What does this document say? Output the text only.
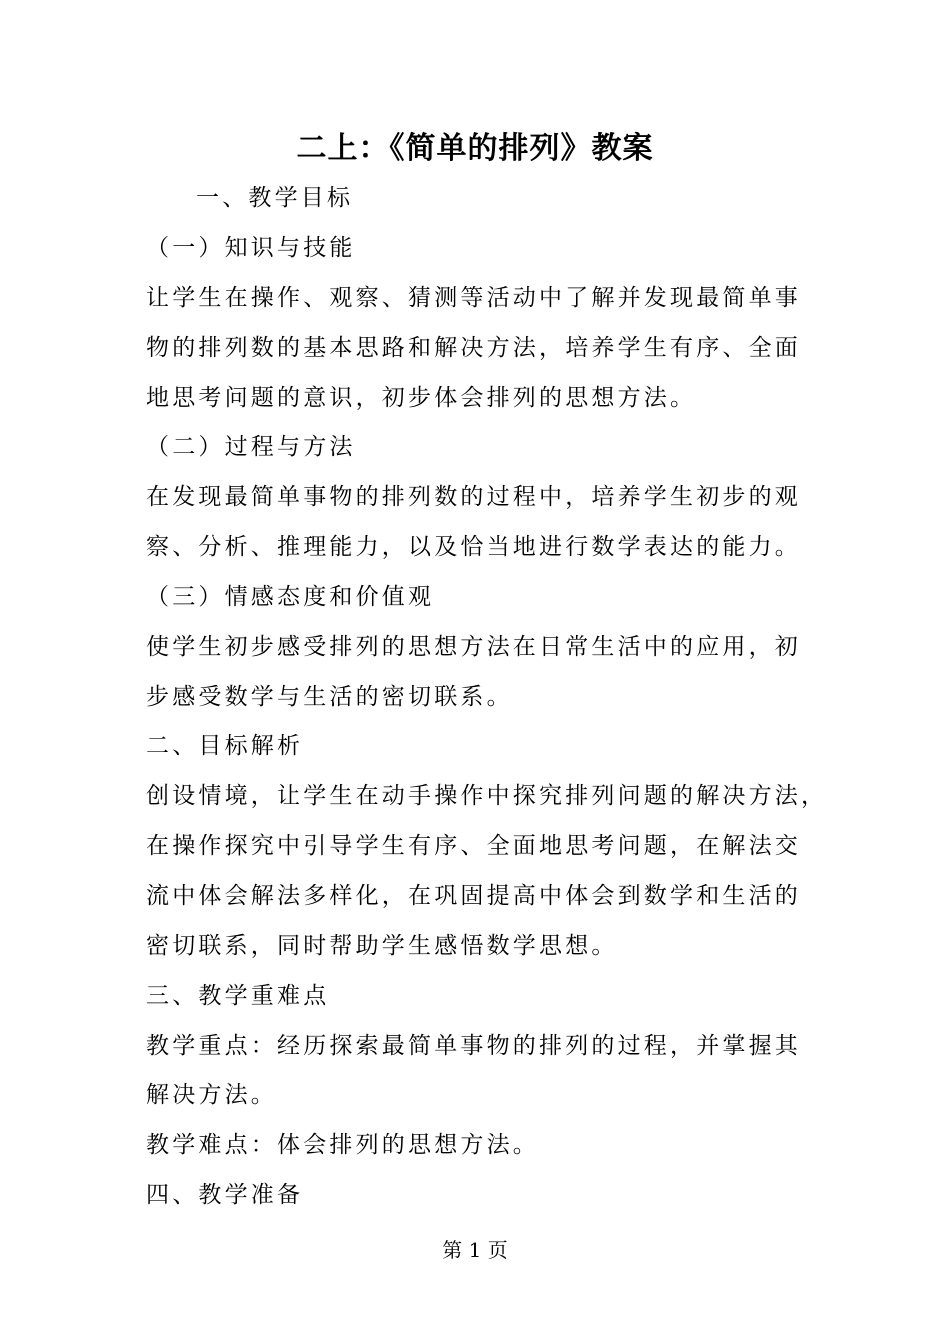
二上：《简单的排列》教案
一、教学目标
（一）知识与技能
让学生在操作、观察、猜测等活动中了解并发现最简单事
物的排列数的基本思路和解决方法，培养学生有序、全面
地思考问题的意识，初步体会排列的思想方法。
（二）过程与方法
在发现最简单事物的排列数的过程中，培养学生初步的观
察、分析、推理能力，以及恰当地进行数学表达的能力。
（三）情感态度和价值观
使学生初步感受排列的思想方法在日常生活中的应用，初
步感受数学与生活的密切联系。
二、目标解析
创设情境，让学生在动手操作中探究排列问题的解决方法，
在操作探究中引导学生有序、全面地思考问题，在解法交
流中体会解法多样化，在巩固提高中体会到数学和生活的
密切联系，同时帮助学生感悟数学思想。
三、教学重难点
教学重点：经历探索最简单事物的排列的过程，并掌握其
解决方法。
教学难点：体会排列的思想方法。
四、教学准备
第 1 页
